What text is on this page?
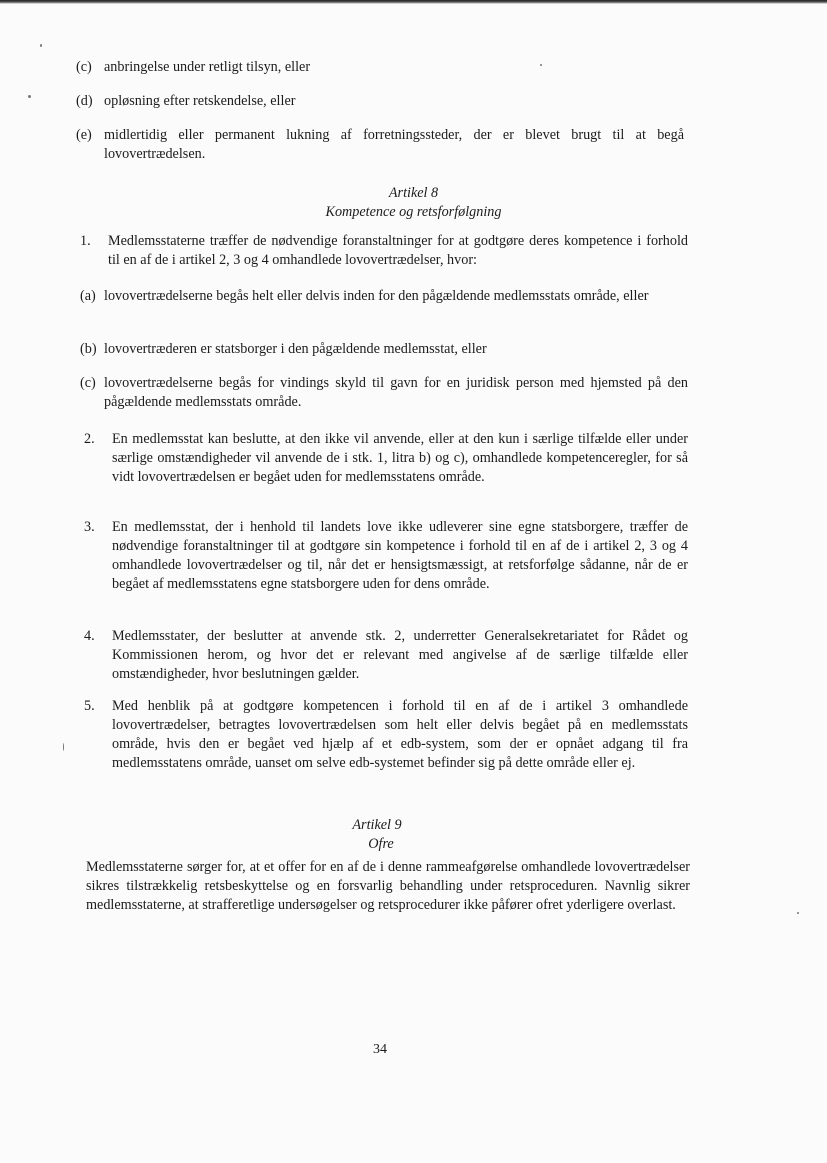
(c) anbringelse under retligt tilsyn, eller
(d) opløsning efter retskendelse, eller
(e) midlertidig eller permanent lukning af forretningssteder, der er blevet brugt til at begå lovovertrædelsen.
Artikel 8
Kompetence og retsforfølgning
1.	Medlemsstaterne træffer de nødvendige foranstaltninger for at godtgøre deres kompetence i forhold til en af de i artikel 2, 3 og 4 omhandlede lovovertrædelser, hvor:
(a) lovovertrædelserne begås helt eller delvis inden for den pågældende medlemsstats område, eller
(b) lovovertræderen er statsborger i den pågældende medlemsstat, eller
(c) lovovertrædelserne begås for vindings skyld til gavn for en juridisk person med hjemsted på den pågældende medlemsstats område.
2.	En medlemsstat kan beslutte, at den ikke vil anvende, eller at den kun i særlige tilfælde eller under særlige omstændigheder vil anvende de i stk. 1, litra b) og c), omhandlede kompetenceregler, for så vidt lovovertrædelsen er begået uden for medlemsstatens område.
3.	En medlemsstat, der i henhold til landets love ikke udleverer sine egne statsborgere, træffer de nødvendige foranstaltninger til at godtgøre sin kompetence i forhold til en af de i artikel 2, 3 og 4 omhandlede lovovertrædelser og til, når det er hensigtsmæssigt, at retsforfølge sådanne, når de er begået af medlemsstatens egne statsborgere uden for dens område.
4.	Medlemsstater, der beslutter at anvende stk. 2, underretter Generalsekretariatet for Rådet og Kommissionen herom, og hvor det er relevant med angivelse af de særlige tilfælde eller omstændigheder, hvor beslutningen gælder.
5.	Med henblik på at godtgøre kompetencen i forhold til en af de i artikel 3 omhandlede lovovertrædelser, betragtes lovovertrædelsen som helt eller delvis begået på en medlemsstats område, hvis den er begået ved hjælp af et edb-system, som der er opnået adgang til fra medlemsstatens område, uanset om selve edb-systemet befinder sig på dette område eller ej.
Artikel 9
Ofre
Medlemsstaterne sørger for, at et offer for en af de i denne rammeafgørelse omhandlede lovovertrædelser sikres tilstrækkelig retsbeskyttelse og en forsvarlig behandling under retsproceduren. Navnlig sikrer medlemsstaterne, at strafferetlige undersøgelser og retsprocedurer ikke påfører ofret yderligere overlast.
34
